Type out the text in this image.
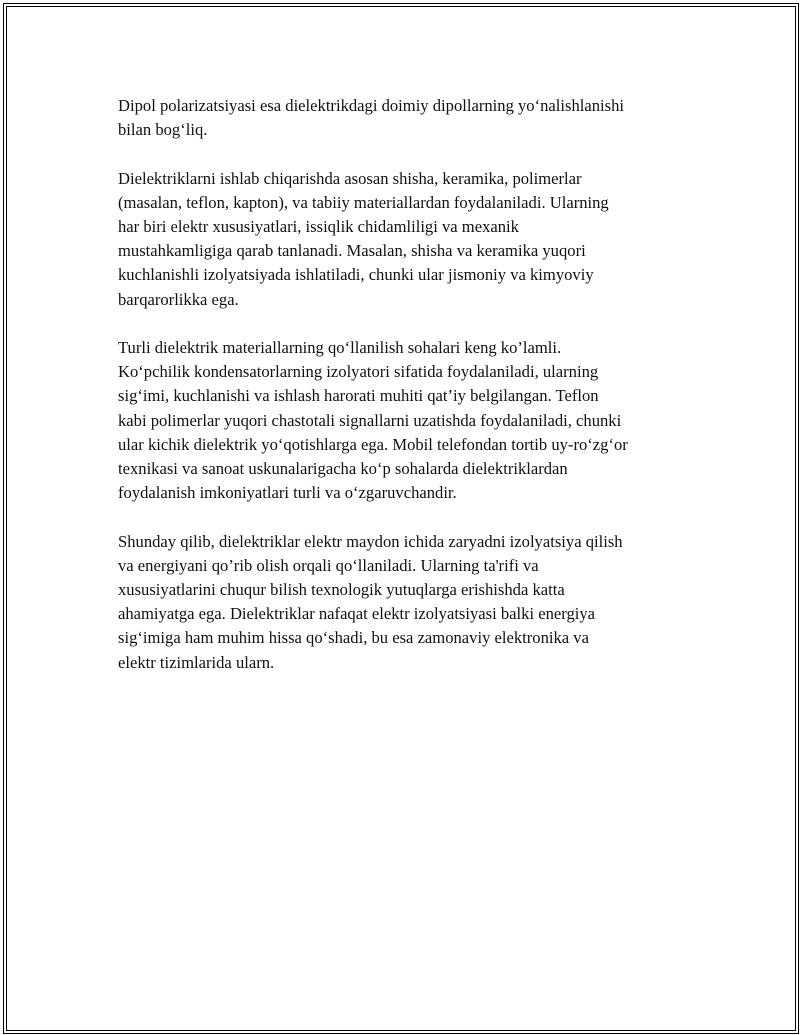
Dipol polarizatsiyasi esa dielektrikdagi doimiy dipollarning yo‘nalishlanishi
bilan bog‘liq.

Dielektriklarni ishlab chiqarishda asosan shisha, keramika, polimerlar
(masalan, teflon, kapton), va tabiiy materiallardan foydalaniladi. Ularning
har biri elektr xususiyatlari, issiqlik chidamliligi va mexanik
mustahkamligiga qarab tanlanadi. Masalan, shisha va keramika yuqori
kuchlanishli izolyatsiyada ishlatiladi, chunki ular jismoniy va kimyoviy
barqarorlikka ega.

Turli dielektrik materiallarning qo‘llanilish sohalari keng ko’lamli.
Ko‘pchilik kondensatorlarning izolyatori sifatida foydalaniladi, ularning
sig‘imi, kuchlanishi va ishlash harorati muhiti qat’iy belgilangan. Teflon
kabi polimerlar yuqori chastotali signallarni uzatishda foydalaniladi, chunki
ular kichik dielektrik yo‘qotishlarga ega. Mobil telefondan tortib uy-ro‘zg‘or
texnikasi va sanoat uskunalarigacha ko‘p sohalarda dielektriklardan
foydalanish imkoniyatlari turli va o‘zgaruvchandir.

Shunday qilib, dielektriklar elektr maydon ichida zaryadni izolyatsiya qilish
va energiyani qo’rib olish orqali qo‘llaniladi. Ularning ta'rifi va
xususiyatlarini chuqur bilish texnologik yutuqlarga erishishda katta
ahamiyatga ega. Dielektriklar nafaqat elektr izolyatsiyasi balki energiya
sig‘imiga ham muhim hissa qo‘shadi, bu esa zamonaviy elektronika va
elektr tizimlarida ularn.
